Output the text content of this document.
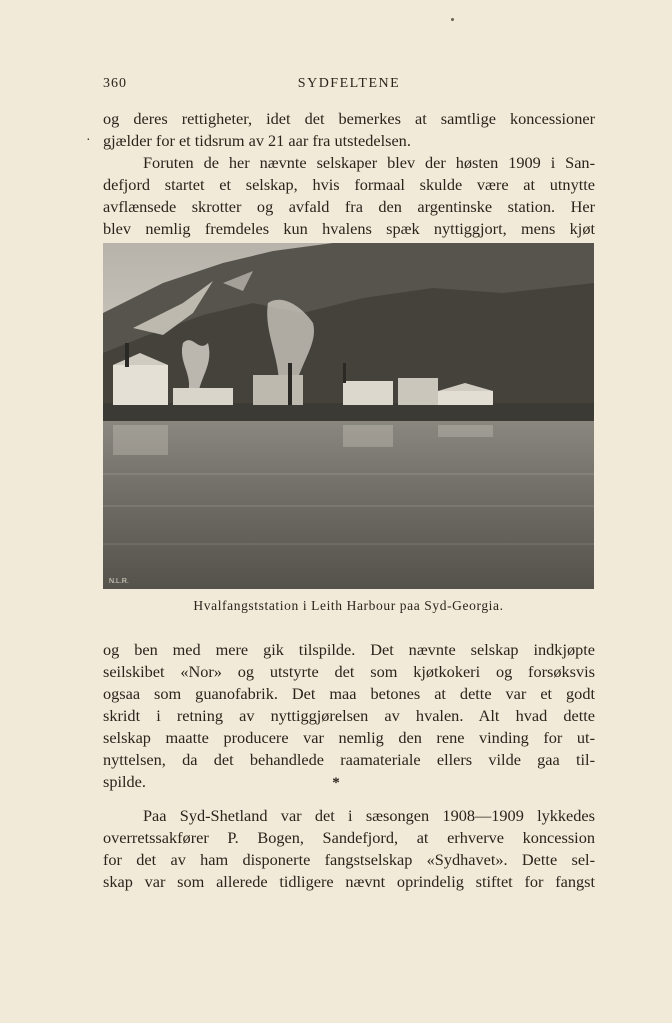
360	SYDFELTENE
·
og deres rettigheter, idet det bemerkes at samtlige koncessioner
gjælder for et tidsrum av 21 aar fra utstedelsen.
Foruten de her nævnte selskaper blev der høsten 1909 i San-
defjord startet et selskap, hvis formaal skulde være at utnytte
avflænsede skrotter og avfald fra den argentinske station. Her
blev nemlig fremdeles kun hvalens spæk nyttiggjort, mens kjøt
N.L.R.
Hvalfangststation i Leith Harbour paa Syd-Georgia.
og ben med mere gik tilspilde. Det nævnte selskap indkjøpte
seilskibet «Nor» og utstyrte det som kjøtkokeri og forsøksvis
ogsaa som guanofabrik. Det maa betones at dette var et godt
skridt i retning av nyttiggjørelsen av hvalen. Alt hvad dette
selskap maatte producere var nemlig den rene vinding for ut-
nyttelsen, da det behandlede raamateriale ellers vilde gaa til-
spilde.	*
Paa Syd-Shetland var det i sæsongen 1908—1909 lykkedes
overretssakfører P. Bogen, Sandefjord, at erhverve koncession
for det av ham disponerte fangstselskap «Sydhavet». Dette sel-
skap var som allerede tidligere nævnt oprindelig stiftet for fangst
